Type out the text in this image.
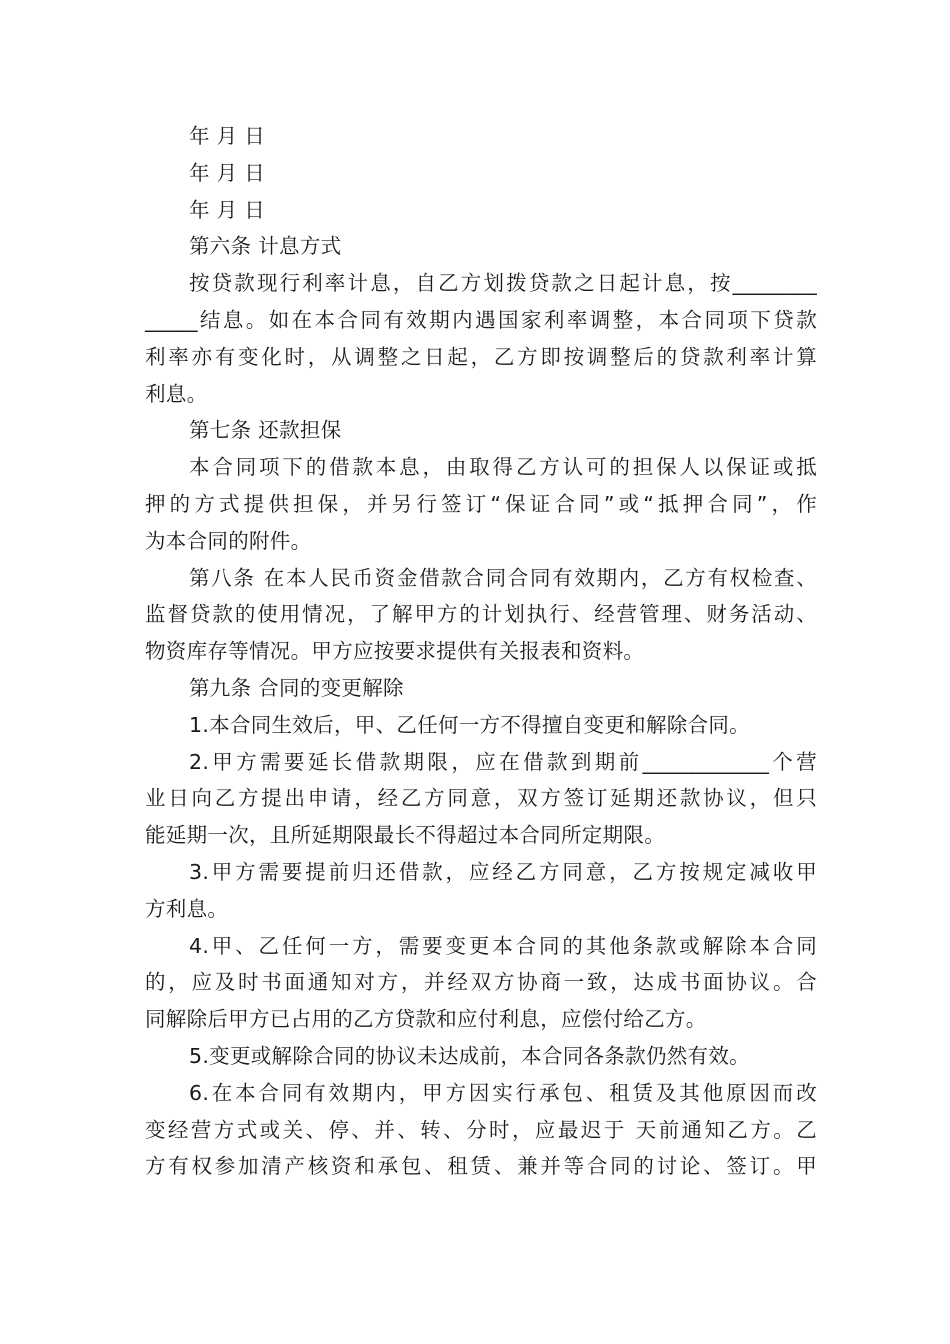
年 月 日
年 月 日
年 月 日
第六条 计息方式
按贷款现行利率计息，自乙方划拨贷款之日起计息，按________
_____结息。如在本合同有效期内遇国家利率调整，本合同项下贷款
利率亦有变化时，从调整之日起，乙方即按调整后的贷款利率计算
利息。
第七条 还款担保
本合同项下的借款本息，由取得乙方认可的担保人以保证或抵
押的方式提供担保，并另行签订“保证合同”或“抵押合同”，作
为本合同的附件。
第八条 在本人民币资金借款合同合同有效期内，乙方有权检查、
监督贷款的使用情况，了解甲方的计划执行、经营管理、财务活动、
物资库存等情况。甲方应按要求提供有关报表和资料。
第九条 合同的变更解除
1.本合同生效后，甲、乙任何一方不得擅自变更和解除合同。
2.甲方需要延长借款期限，应在借款到期前____________个营
业日向乙方提出申请，经乙方同意，双方签订延期还款协议，但只
能延期一次，且所延期限最长不得超过本合同所定期限。
3.甲方需要提前归还借款，应经乙方同意，乙方按规定减收甲
方利息。
4.甲、乙任何一方，需要变更本合同的其他条款或解除本合同
的，应及时书面通知对方，并经双方协商一致，达成书面协议。合
同解除后甲方已占用的乙方贷款和应付利息，应偿付给乙方。
5.变更或解除合同的协议未达成前，本合同各条款仍然有效。
6.在本合同有效期内，甲方因实行承包、租赁及其他原因而改
变经营方式或关、停、并、转、分时，应最迟于 天前通知乙方。乙
方有权参加清产核资和承包、租赁、兼并等合同的讨论、签订。甲
